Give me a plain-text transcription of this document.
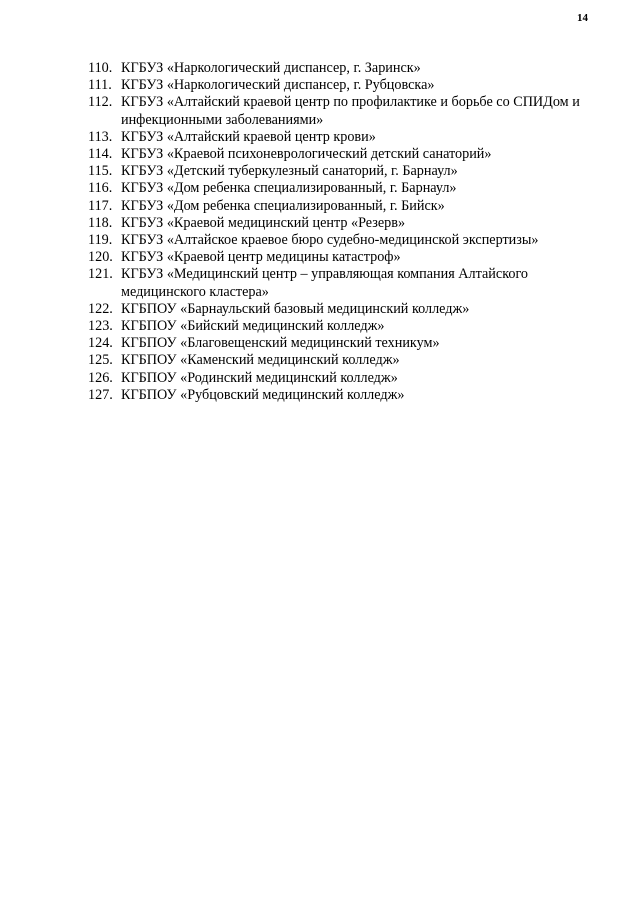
14
110. КГБУЗ «Наркологический диспансер, г. Заринск»
111. КГБУЗ «Наркологический диспансер, г. Рубцовска»
112. КГБУЗ «Алтайский краевой центр по профилактике и борьбе со СПИДом и инфекционными заболеваниями»
113. КГБУЗ «Алтайский краевой центр крови»
114. КГБУЗ «Краевой психоневрологический детский санаторий»
115. КГБУЗ «Детский туберкулезный санаторий, г. Барнаул»
116. КГБУЗ «Дом ребенка специализированный, г. Барнаул»
117. КГБУЗ «Дом ребенка специализированный, г. Бийск»
118. КГБУЗ «Краевой медицинский центр «Резерв»
119. КГБУЗ «Алтайское краевое бюро судебно-медицинской экспертизы»
120. КГБУЗ «Краевой центр медицины катастроф»
121. КГБУЗ «Медицинский центр – управляющая компания Алтайского медицинского кластера»
122. КГБПОУ «Барнаульский базовый медицинский колледж»
123. КГБПОУ «Бийский медицинский колледж»
124. КГБПОУ «Благовещенский медицинский техникум»
125. КГБПОУ «Каменский медицинский колледж»
126. КГБПОУ «Родинский медицинский колледж»
127. КГБПОУ «Рубцовский медицинский колледж»
